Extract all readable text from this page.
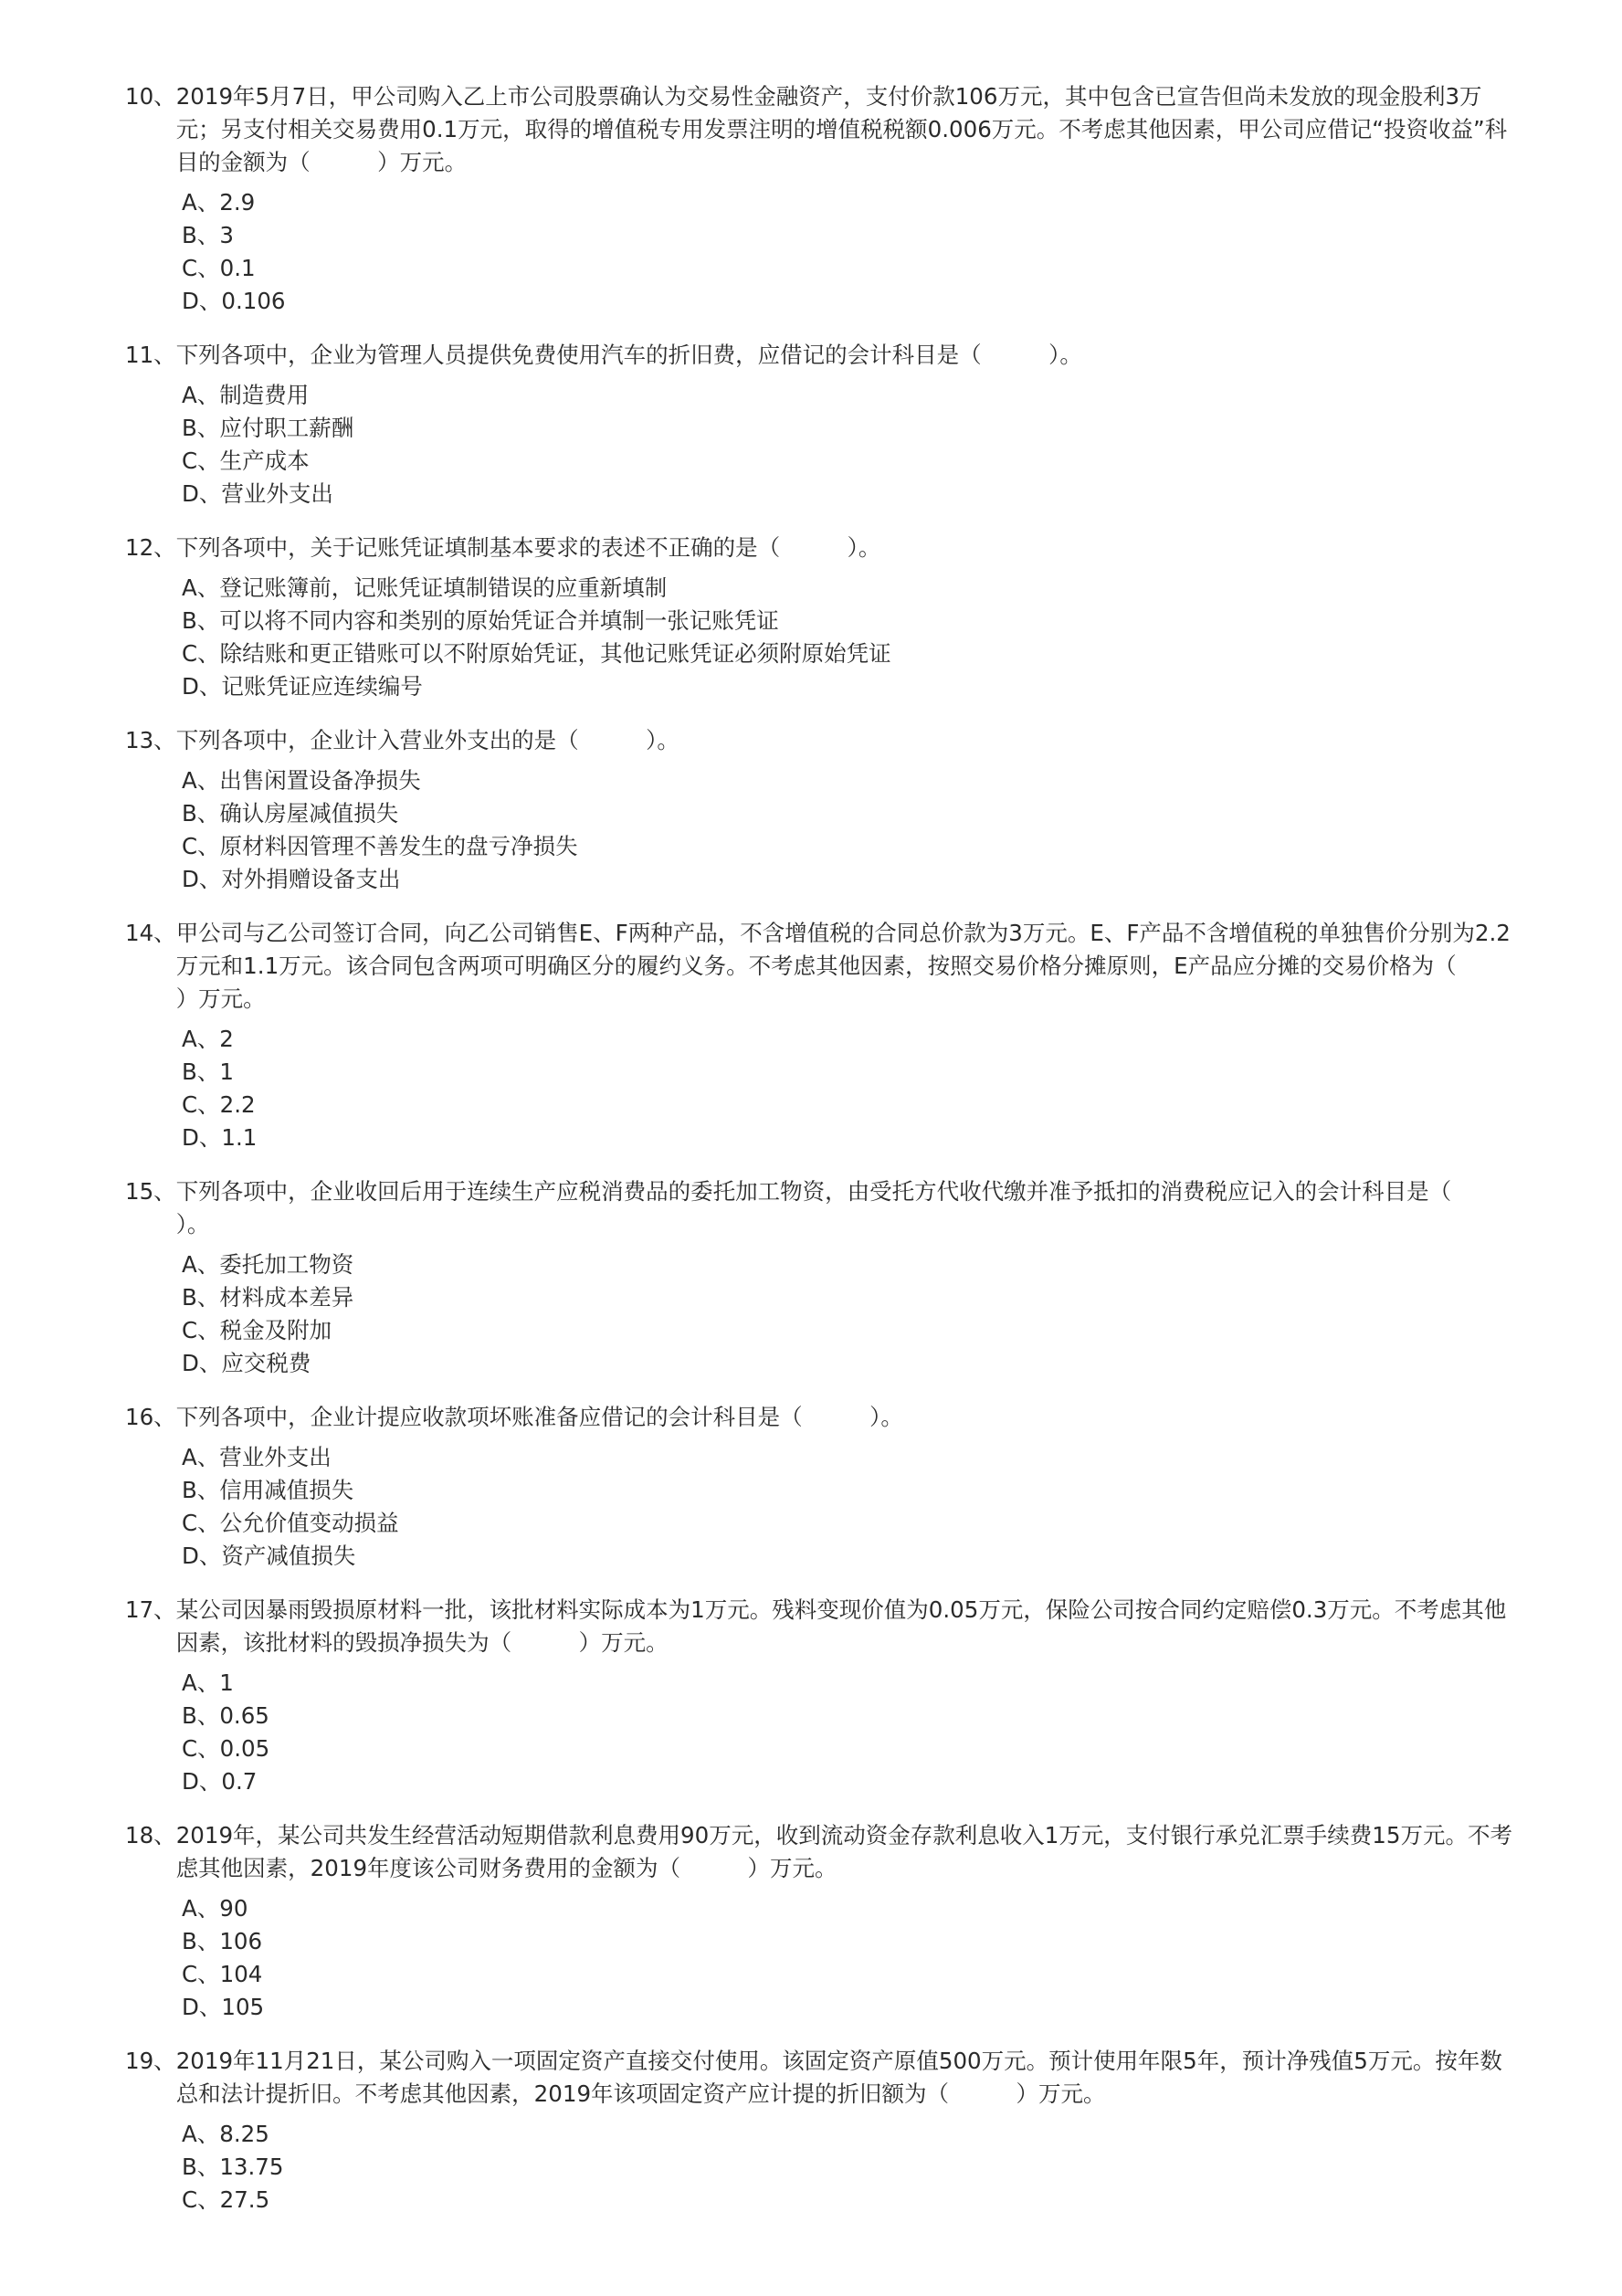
10、 2019年5月7日，甲公司购入乙上市公司股票确认为交易性金融资产，支付价款106万元，其中包含已宣告但尚未发放的现金股利3万元；另支付相关交易费用0.1万元，取得的增值税专用发票注明的增值税税额0.006万元。不考虑其他因素，甲公司应借记“投资收益”科目的金额为（　　　）万元。
A、 2.9
B、 3
C、 0.1
D、 0.106
11、 下列各项中，企业为管理人员提供免费使用汽车的折旧费，应借记的会计科目是（　　　）。
A、 制造费用
B、 应付职工薪酬
C、 生产成本
D、 营业外支出
12、 下列各项中，关于记账凭证填制基本要求的表述不正确的是（　　　）。
A、 登记账簿前，记账凭证填制错误的应重新填制
B、 可以将不同内容和类别的原始凭证合并填制一张记账凭证
C、 除结账和更正错账可以不附原始凭证，其他记账凭证必须附原始凭证
D、 记账凭证应连续编号
13、 下列各项中，企业计入营业外支出的是（　　　）。
A、 出售闲置设备净损失
B、 确认房屋减值损失
C、 原材料因管理不善发生的盘亏净损失
D、 对外捐赠设备支出
14、 甲公司与乙公司签订合同，向乙公司销售E、F两种产品，不含增值税的合同总价款为3万元。E、F产品不含增值税的单独售价分别为2.2万元和1.1万元。该合同包含两项可明确区分的履约义务。不考虑其他因素，按照交易价格分摊原则，E产品应分摊的交易价格为（　　　）万元。
A、 2
B、 1
C、 2.2
D、 1.1
15、 下列各项中，企业收回后用于连续生产应税消费品的委托加工物资，由受托方代收代缴并准予抵扣的消费税应记入的会计科目是（　　　）。
A、 委托加工物资
B、 材料成本差异
C、 税金及附加
D、 应交税费
16、 下列各项中，企业计提应收款项坏账准备应借记的会计科目是（　　　）。
A、 营业外支出
B、 信用减值损失
C、 公允价值变动损益
D、 资产减值损失
17、 某公司因暴雨毁损原材料一批，该批材料实际成本为1万元。残料变现价值为0.05万元，保险公司按合同约定赔偿0.3万元。不考虑其他因素，该批材料的毁损净损失为（　　　）万元。
A、 1
B、 0.65
C、 0.05
D、 0.7
18、 2019年，某公司共发生经营活动短期借款利息费用90万元，收到流动资金存款利息收入1万元，支付银行承兑汇票手续费15万元。不考虑其他因素，2019年度该公司财务费用的金额为（　　　）万元。
A、 90
B、 106
C、 104
D、 105
19、 2019年11月21日，某公司购入一项固定资产直接交付使用。该固定资产原值500万元。预计使用年限5年，预计净残值5万元。按年数总和法计提折旧。不考虑其他因素，2019年该项固定资产应计提的折旧额为（　　　）万元。
A、 8.25
B、 13.75
C、 27.5
